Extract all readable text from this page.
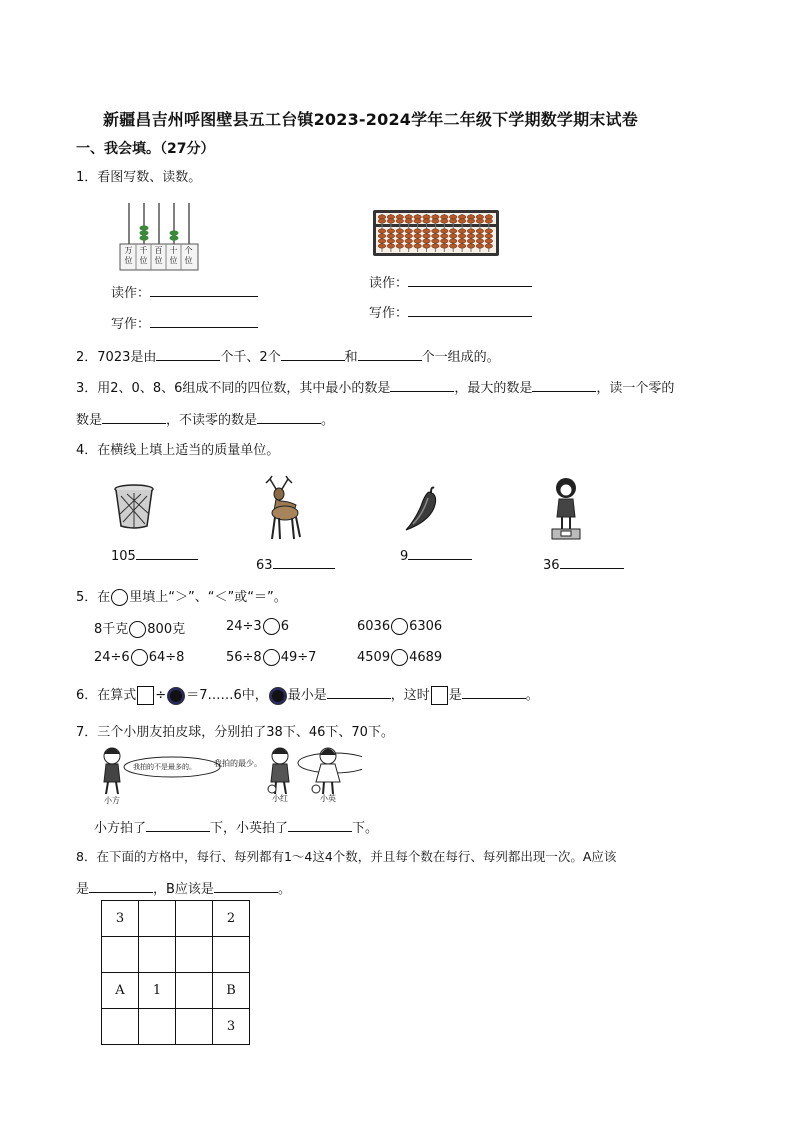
新疆昌吉州呼图壁县五工台镇2023-2024学年二年级下学期数学期末试卷
一、我会填。（27分）
1．看图写数、读数。
万位千位百位十位个位
读作：
写作：
读作：
写作：
2．7023是由	个千、2个	和	个一组成的。
3．用2、0、8、6组成不同的四位数，其中最小的数是	，最大的数是	，读一个零的
数是	，不读零的数是	。
4．在横线上填上适当的质量单位。
105
63
9
36
5．在 里填上“＞”、“＜”或“＝”。
8千克 800克	24÷3 6	6036 6306
24÷6 64÷8	56÷8 49÷7	4509 4689
6．在算式 ÷ ＝7……6中， 最小是	，这时 是	。
7．三个小朋友拍皮球，分别拍了38下、46下、70下。
我拍的不是最多的。 我拍的最少。
小方	小红	小英
小方拍了	下，小英拍了	下。
8．在下面的方格中，每行、每列都有1～4这4个数，并且每个数在每行、每列都出现一次。A应该
是	，B应该是	。
3			2

A	1		B
			3
